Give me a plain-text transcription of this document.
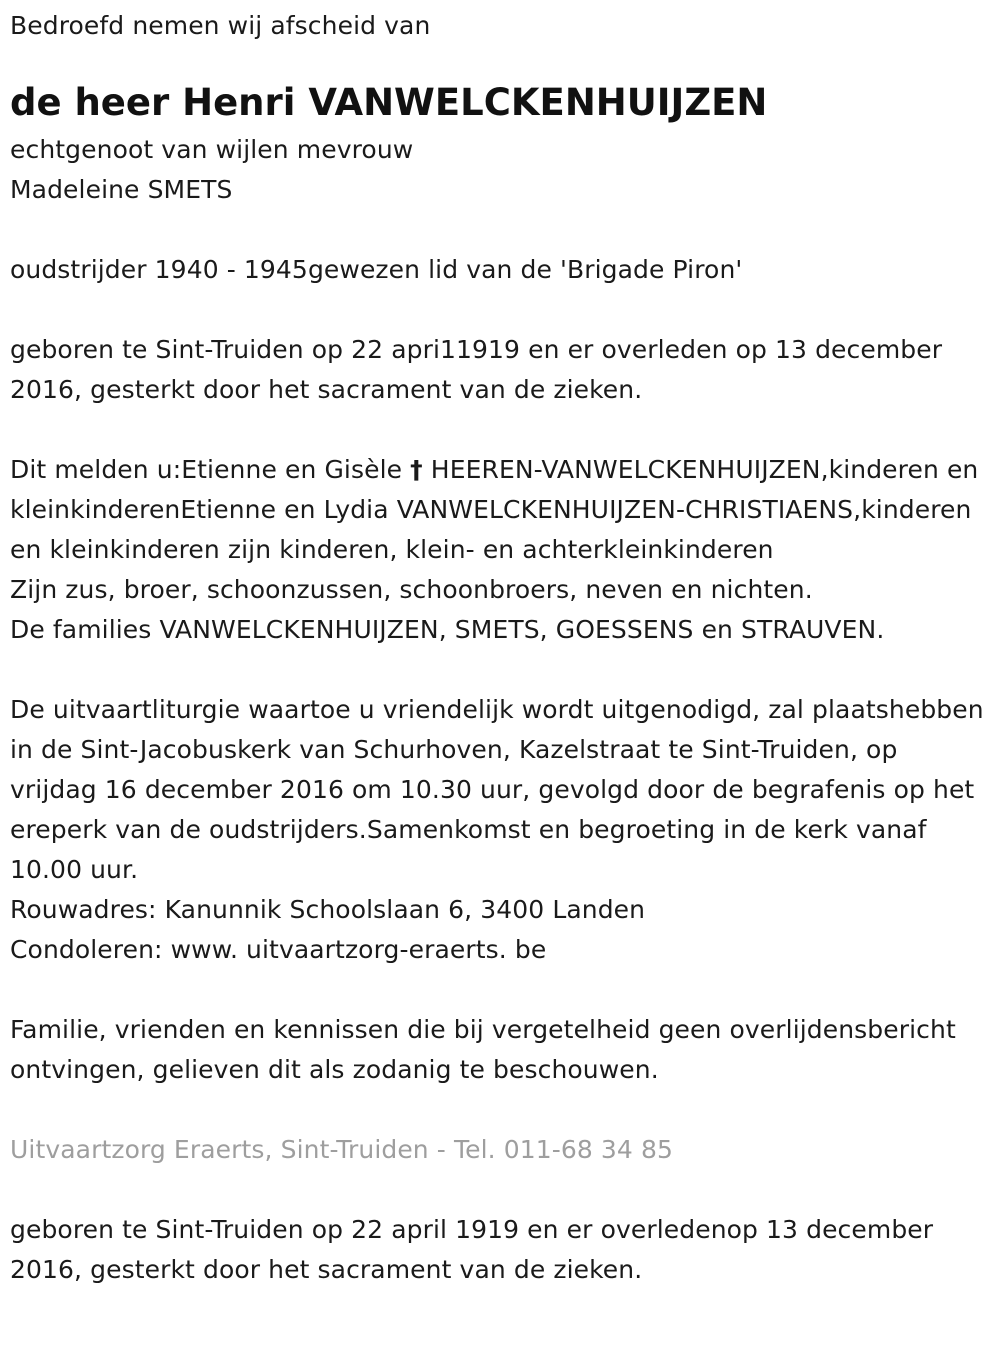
Bedroefd nemen wij afscheid van

de heer Henri VANWELCKENHUIJZEN

echtgenoot van wijlen mevrouw

Madeleine SMETS

oudstrijder 1940 - 1945gewezen lid van de 'Brigade Piron'

geboren te Sint-Truiden op 22 apri11919 en er overleden op 13 december 2016, gesterkt door het sacrament van de zieken.

Dit melden u:Etienne en Gisèle † HEEREN-VANWELCKENHUIJZEN,kinderen en kleinkinderenEtienne en Lydia VANWELCKENHUIJZEN-CHRISTIAENS,kinderen en kleinkinderen zijn kinderen, klein- en achterkleinkinderen

Zijn zus, broer, schoonzussen, schoonbroers, neven en nichten.

De families VANWELCKENHUIJZEN, SMETS, GOESSENS en STRAUVEN.

De uitvaartliturgie waartoe u vriendelijk wordt uitgenodigd, zal plaatshebben in de Sint-Jacobuskerk van Schurhoven, Kazelstraat te Sint-Truiden, op vrijdag 16 december 2016 om 10.30 uur, gevolgd door de begrafenis op het ereperk van de oudstrijders.Samenkomst en begroeting in de kerk vanaf 10.00 uur.

Rouwadres: Kanunnik Schoolslaan 6, 3400 Landen

Condoleren: www. uitvaartzorg-eraerts. be

Familie, vrienden en kennissen die bij vergetelheid geen overlijdensbericht ontvingen, gelieven dit als zodanig te beschouwen.

Uitvaartzorg Eraerts, Sint-Truiden - Tel. 011-68 34 85

geboren te Sint-Truiden op 22 april 1919 en er overledenop 13 december 2016, gesterkt door het sacrament van de zieken.
